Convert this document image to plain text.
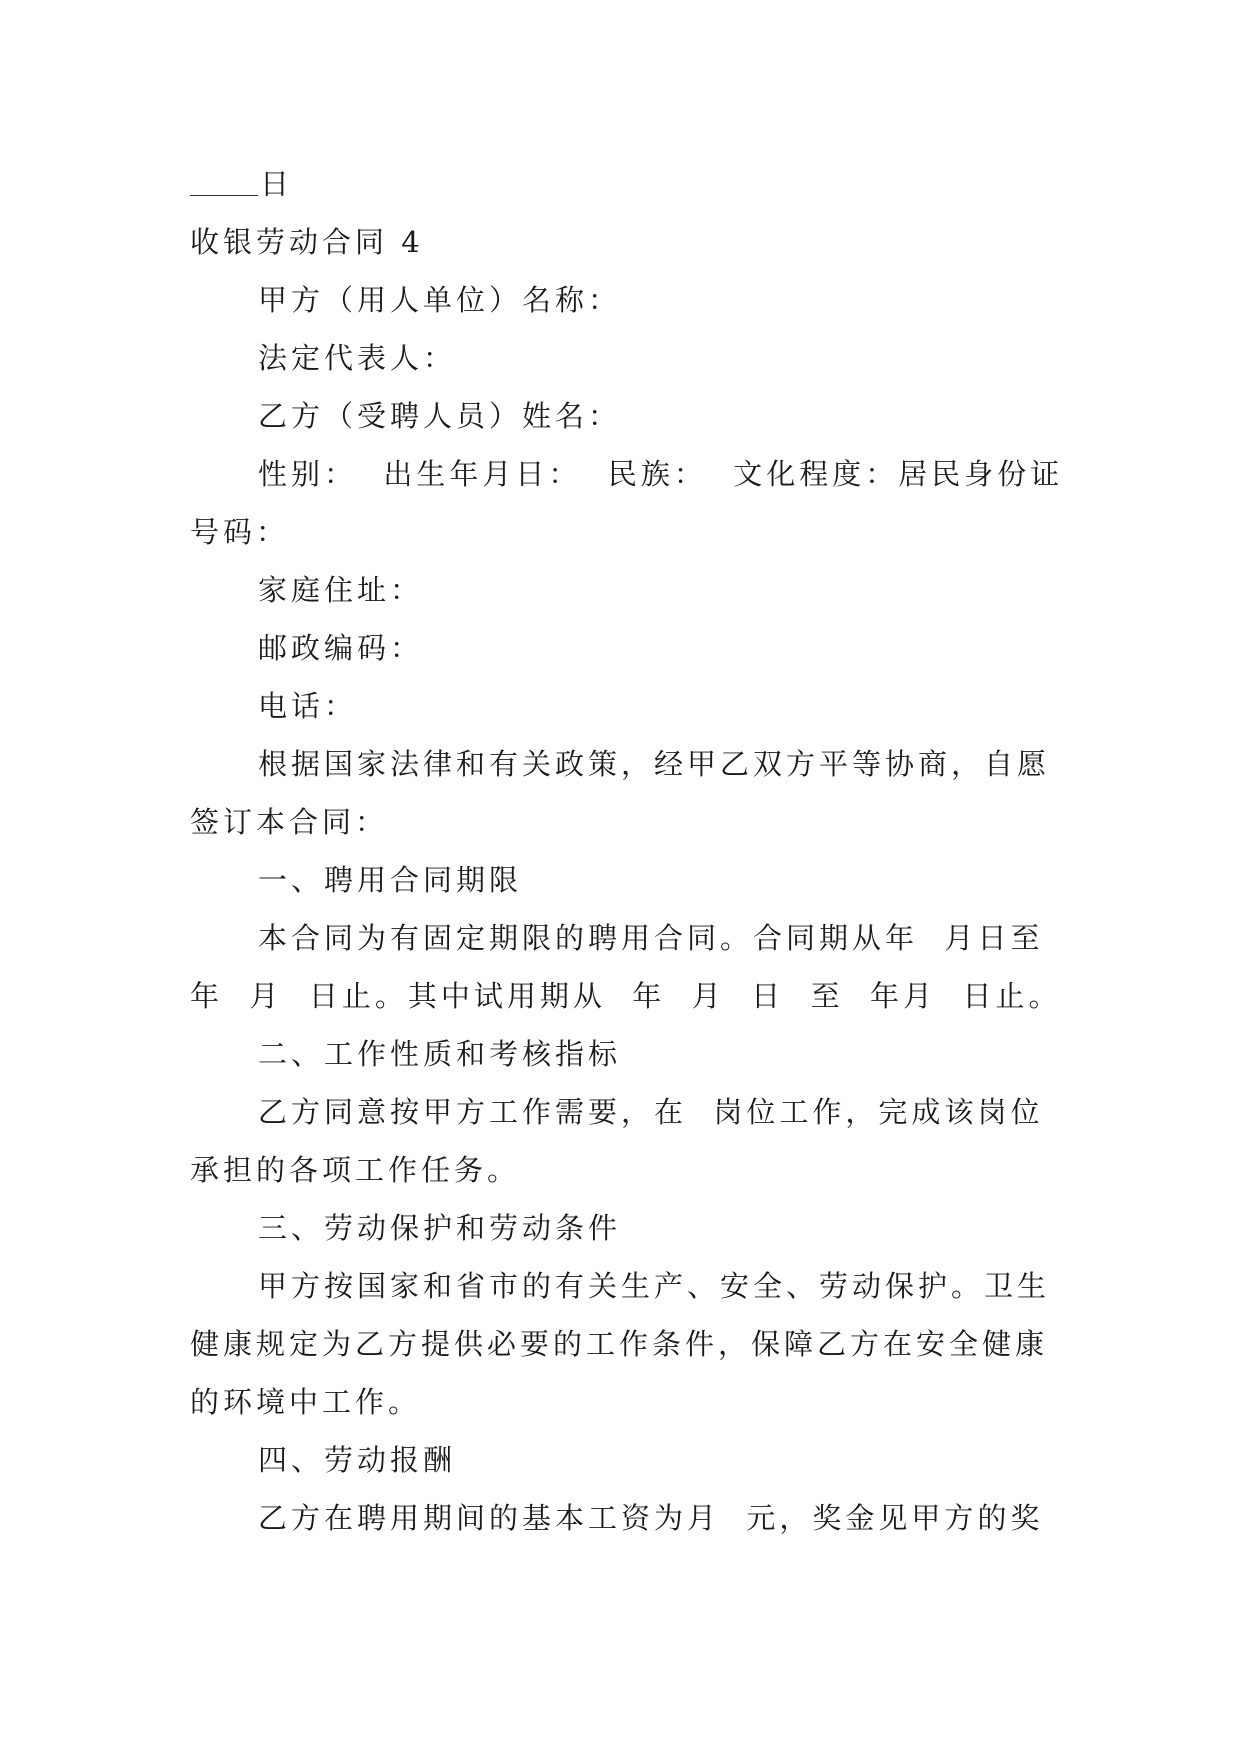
日

收银劳动合同 4

甲方（用人单位）名称：

法定代表人：

乙方（受聘人员）姓名：

性别：  出生年月日：  民族：  文化程度：居民身份证

号码：

家庭住址：

邮政编码：

电话：

根据国家法律和有关政策，经甲乙双方平等协商，自愿

签订本合同：

一、聘用合同期限

本合同为有固定期限的聘用合同。合同期从年  月日至

年  月  日止。其中试用期从  年  月  日  至  年月  日止。

二、工作性质和考核指标

乙方同意按甲方工作需要，在  岗位工作，完成该岗位

承担的各项工作任务。

三、劳动保护和劳动条件

甲方按国家和省市的有关生产、安全、劳动保护。卫生

健康规定为乙方提供必要的工作条件，保障乙方在安全健康

的环境中工作。

四、劳动报酬

乙方在聘用期间的基本工资为月  元，奖金见甲方的奖
